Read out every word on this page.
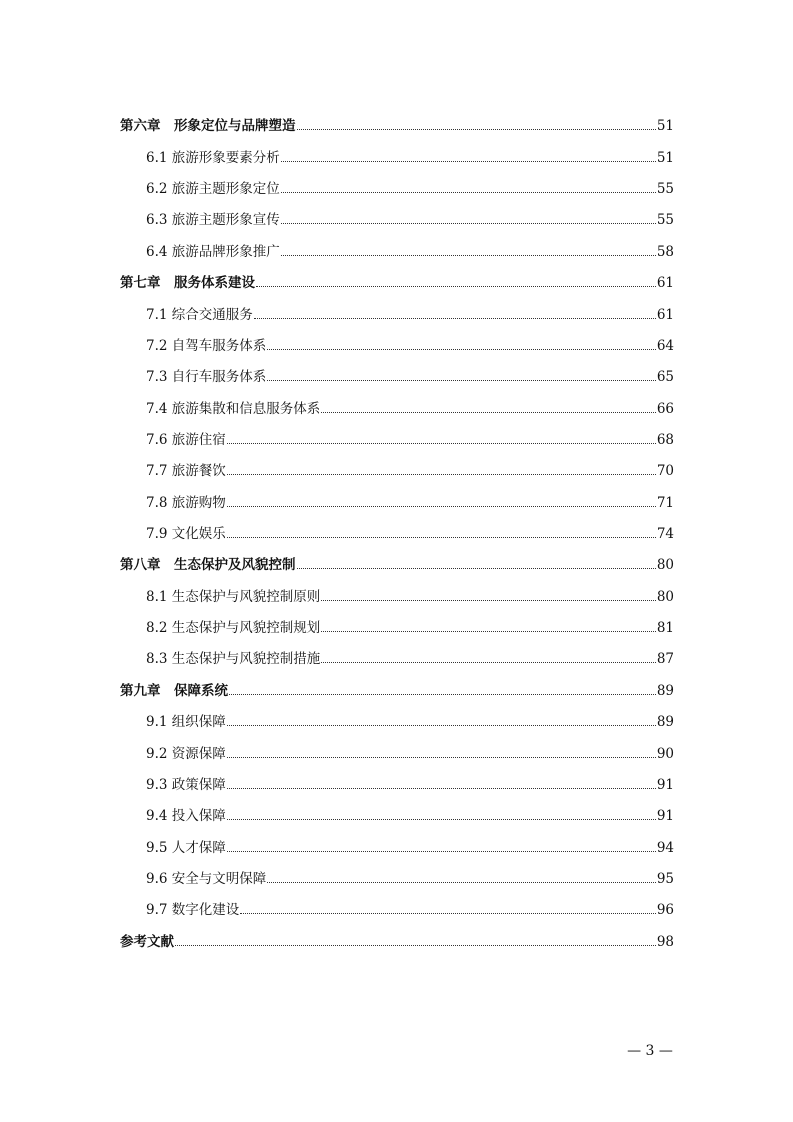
第六章　形象定位与品牌塑造	51
6.1 旅游形象要素分析	51
6.2 旅游主题形象定位	55
6.3 旅游主题形象宣传	55
6.4 旅游品牌形象推广	58
第七章　服务体系建设	61
7.1 综合交通服务	61
7.2 自驾车服务体系	64
7.3 自行车服务体系	65
7.4 旅游集散和信息服务体系	66
7.6 旅游住宿	68
7.7 旅游餐饮	70
7.8 旅游购物	71
7.9 文化娱乐	74
第八章　生态保护及风貌控制	80
8.1 生态保护与风貌控制原则	80
8.2 生态保护与风貌控制规划	81
8.3 生态保护与风貌控制措施	87
第九章　保障系统	89
9.1 组织保障	89
9.2 资源保障	90
9.3 政策保障	91
9.4 投入保障	91
9.5 人才保障	94
9.6 安全与文明保障	95
9.7 数字化建设	96
参考文献	98
— 3 —
